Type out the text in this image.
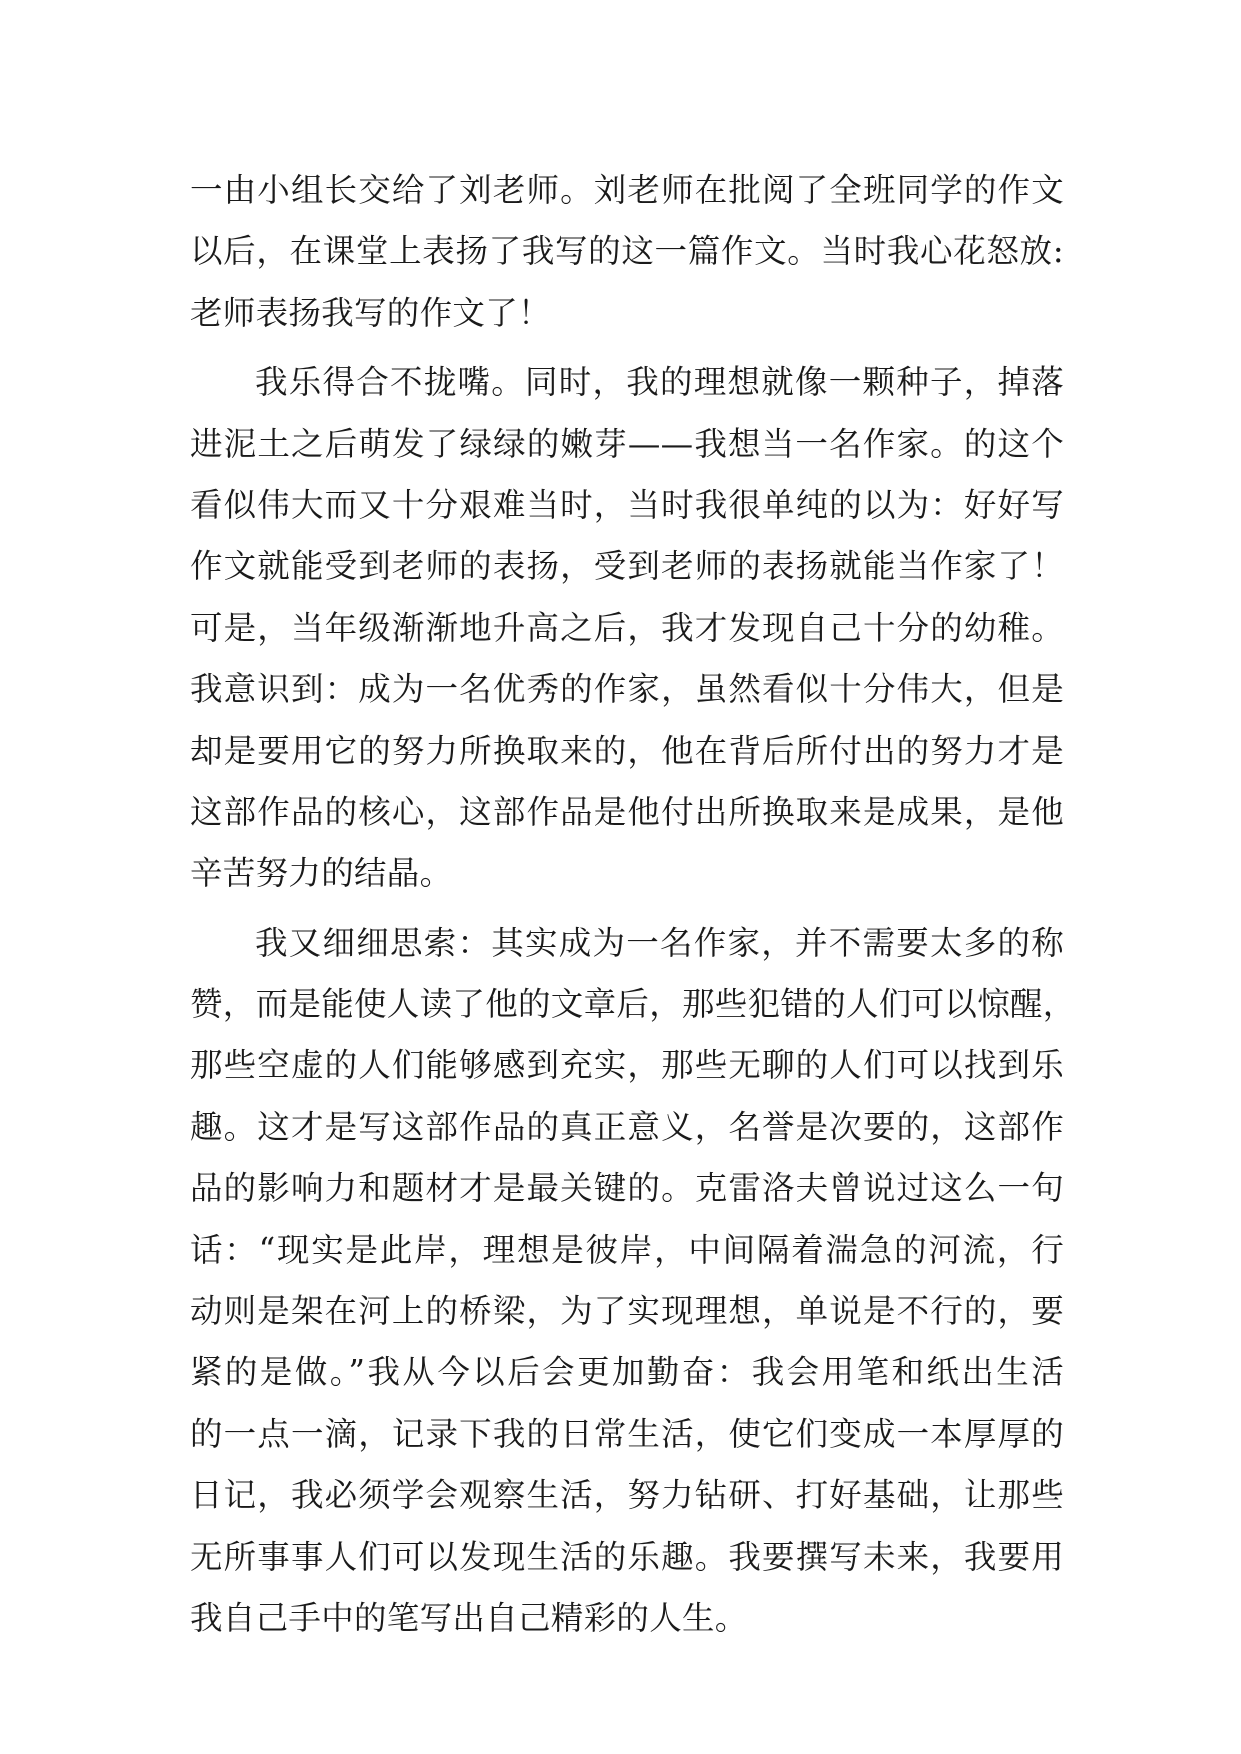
一由小组长交给了刘老师。刘老师在批阅了全班同学的作文
以后，在课堂上表扬了我写的这一篇作文。当时我心花怒放:
老师表扬我写的作文了！
我乐得合不拢嘴。同时，我的理想就像一颗种子，掉落
进泥土之后萌发了绿绿的嫩芽——我想当一名作家。的这个
看似伟大而又十分艰难当时，当时我很单纯的以为：好好写
作文就能受到老师的表扬，受到老师的表扬就能当作家了！
可是，当年级渐渐地升高之后，我才发现自己十分的幼稚。
我意识到：成为一名优秀的作家，虽然看似十分伟大，但是
却是要用它的努力所换取来的，他在背后所付出的努力才是
这部作品的核心，这部作品是他付出所换取来是成果，是他
辛苦努力的结晶。
我又细细思索：其实成为一名作家，并不需要太多的称
赞，而是能使人读了他的文章后，那些犯错的人们可以惊醒，
那些空虚的人们能够感到充实，那些无聊的人们可以找到乐
趣。这才是写这部作品的真正意义，名誉是次要的，这部作
品的影响力和题材才是最关键的。克雷洛夫曾说过这么一句
话：“现实是此岸，理想是彼岸，中间隔着湍急的河流，行
动则是架在河上的桥梁，为了实现理想，单说是不行的，要
紧的是做。”我从今以后会更加勤奋：我会用笔和纸出生活
的一点一滴，记录下我的日常生活，使它们变成一本厚厚的
日记，我必须学会观察生活，努力钻研、打好基础，让那些
无所事事人们可以发现生活的乐趣。我要撰写未来，我要用
我自己手中的笔写出自己精彩的人生。
